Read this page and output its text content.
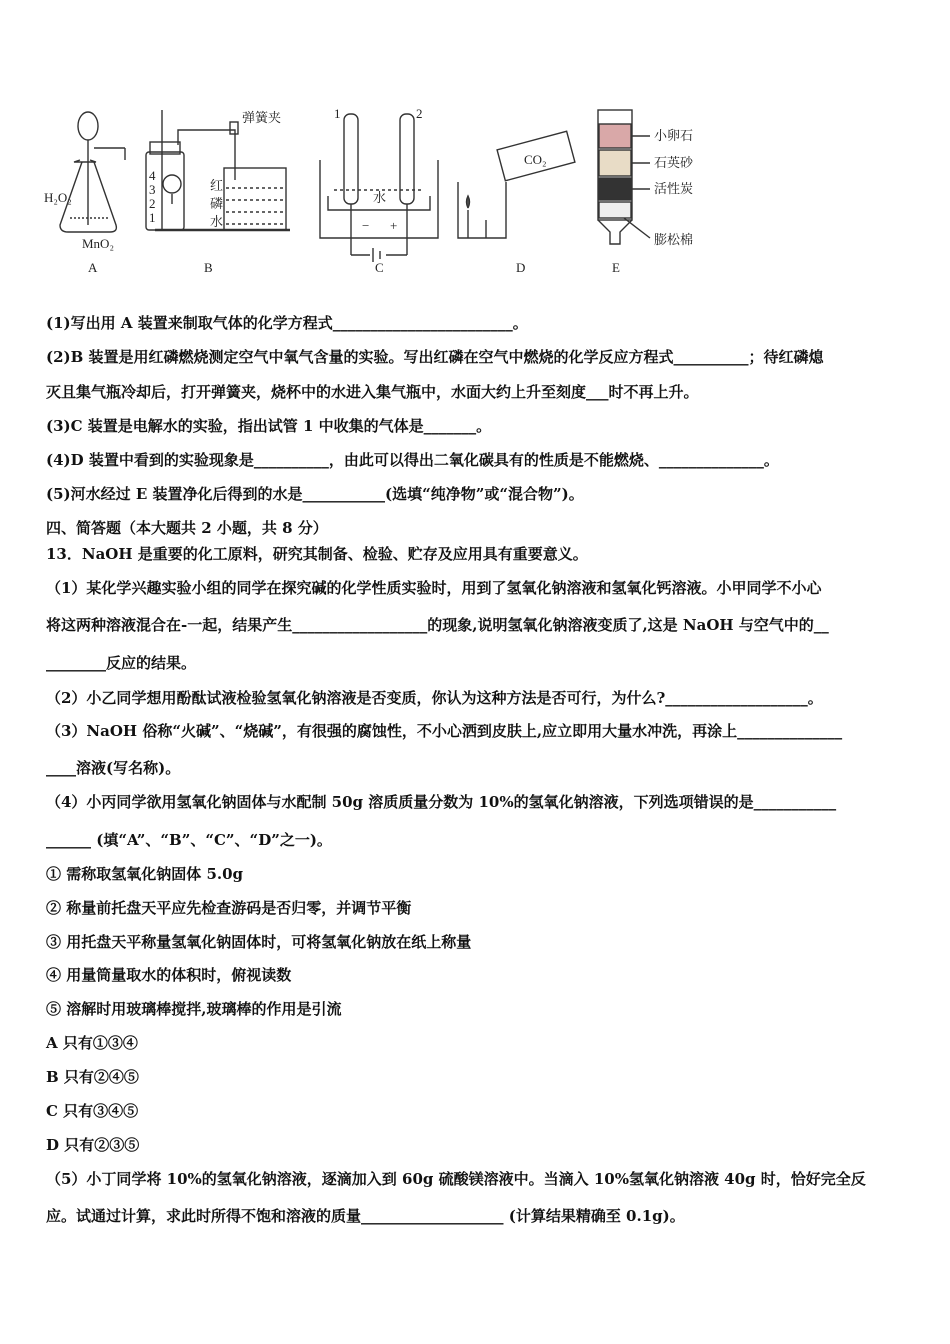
H₂O₂
MnO₂
A
弹簧夹
4
3
2
1
红
磷
水
B
1	2
水
− +
C
CO₂
D
小卵石
石英砂
活性炭
膨松棉
E
(1)写出用 A 装置来制取气体的化学方程式________________________。
(2)B 装置是用红磷燃烧测定空气中氧气含量的实验。写出红磷在空气中燃烧的化学反应方程式__________；待红磷熄
灭且集气瓶冷却后，打开弹簧夹，烧杯中的水进入集气瓶中，水面大约上升至刻度___时不再上升。
(3)C 装置是电解水的实验，指出试管 1 中收集的气体是_______。
(4)D 装置中看到的实验现象是__________，由此可以得出二氧化碳具有的性质是不能燃烧、______________。
(5)河水经过 E 装置净化后得到的水是___________(选填“纯净物”或“混合物”)。
四、简答题（本大题共 2 小题，共 8 分）
13．NaOH 是重要的化工原料，研究其制备、检验、贮存及应用具有重要意义。
（1）某化学兴趣实验小组的同学在探究碱的化学性质实验时，用到了氢氧化钠溶液和氢氧化钙溶液。小甲同学不小心
将这两种溶液混合在-一起，结果产生__________________的现象,说明氢氧化钠溶液变质了,这是 NaOH 与空气中的__
________反应的结果。
（2）小乙同学想用酚酞试液检验氢氧化钠溶液是否变质，你认为这种方法是否可行，为什么?___________________。
（3）NaOH 俗称“火碱”、“烧碱”，有很强的腐蚀性，不小心洒到皮肤上,应立即用大量水冲洗，再涂上______________
____溶液(写名称)。
（4）小丙同学欲用氢氧化钠固体与水配制 50g 溶质质量分数为 10%的氢氧化钠溶液，下列选项错误的是___________
______ (填“A”、“B”、“C”、“D”之一)。
① 需称取氢氧化钠固体 5.0g
② 称量前托盘天平应先检查游码是否归零，并调节平衡
③ 用托盘天平称量氢氧化钠固体时，可将氢氧化钠放在纸上称量
④ 用量筒量取水的体积时，俯视读数
⑤ 溶解时用玻璃棒搅拌,玻璃棒的作用是引流
A 只有①③④
B 只有②④⑤
C 只有③④⑤
D 只有②③⑤
（5）小丁同学将 10%的氢氧化钠溶液，逐滴加入到 60g 硫酸镁溶液中。当滴入 10%氢氧化钠溶液 40g 时，恰好完全反
应。试通过计算，求此时所得不饱和溶液的质量___________________ (计算结果精确至 0.1g)。
